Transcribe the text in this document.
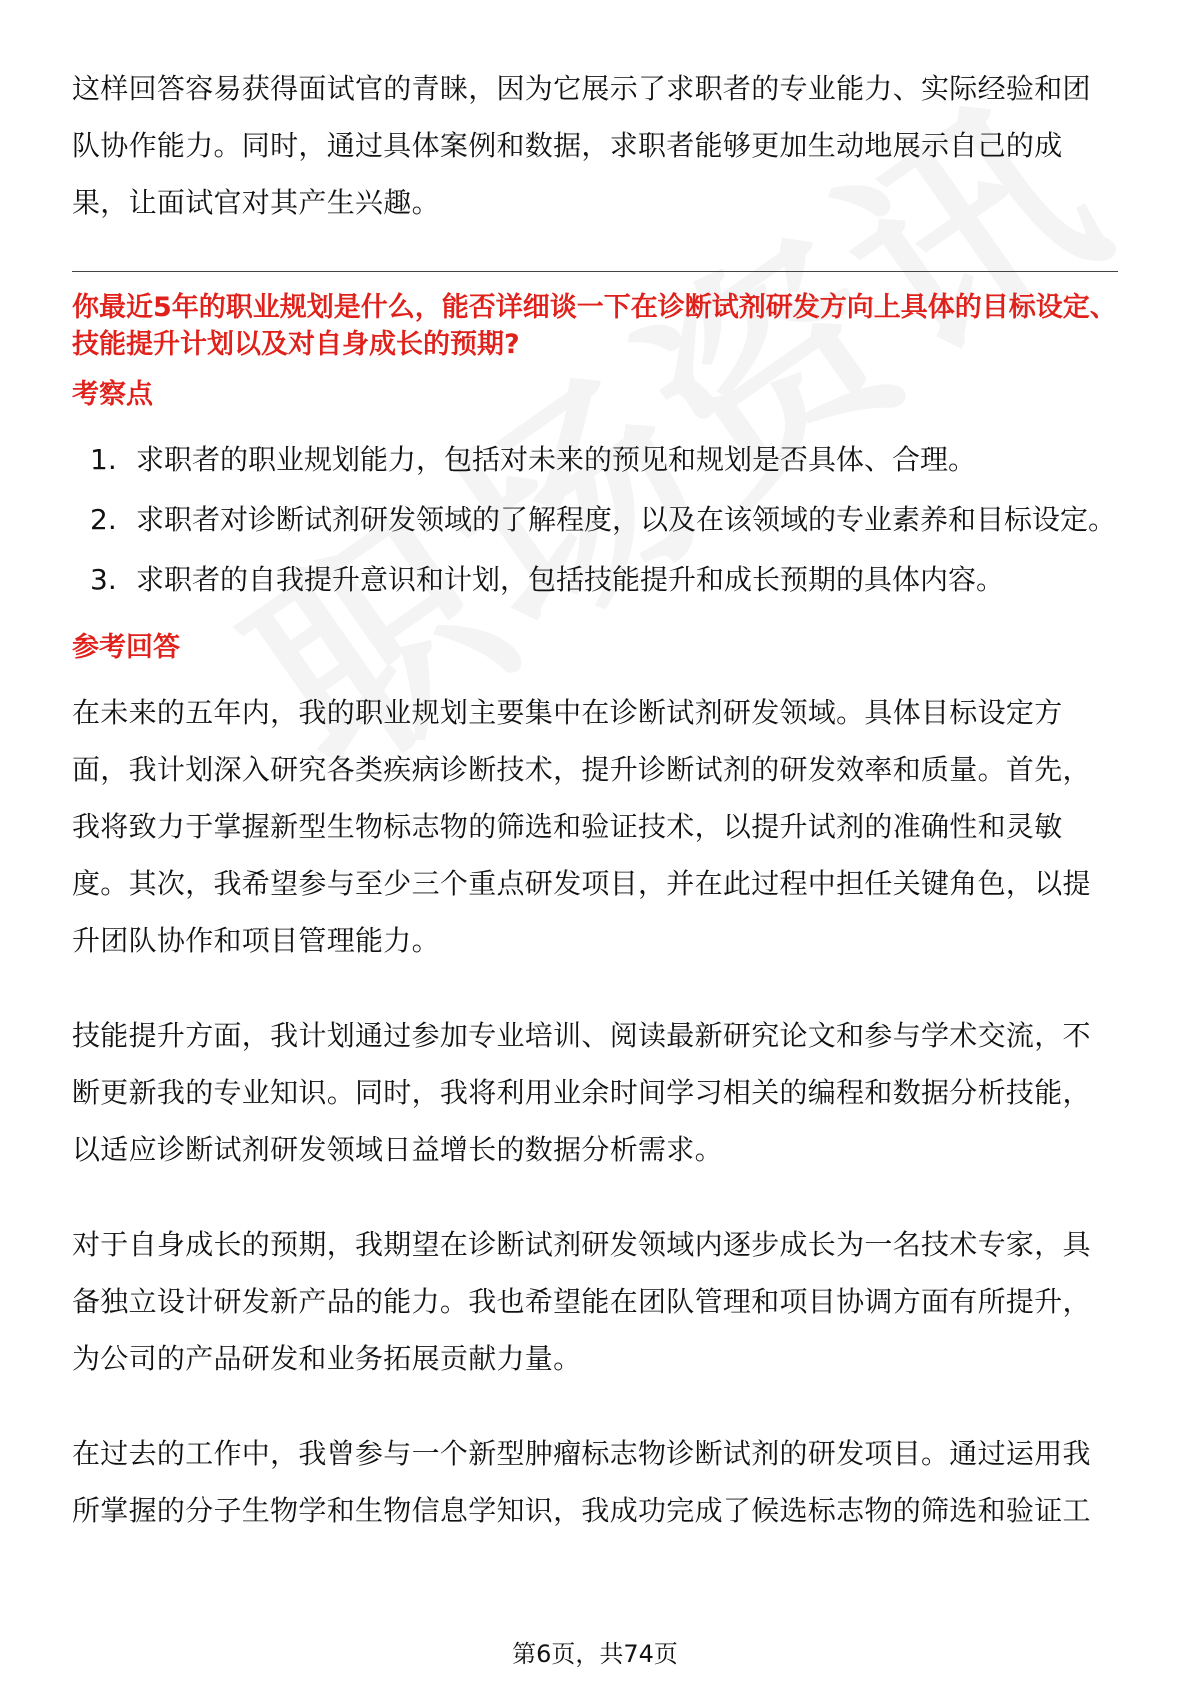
这样回答容易获得面试官的青睐，因为它展示了求职者的专业能力、实际经验和团队协作能力。同时，通过具体案例和数据，求职者能够更加生动地展示自己的成果，让面试官对其产生兴趣。

你最近5年的职业规划是什么，能否详细谈一下在诊断试剂研发方向上具体的目标设定、技能提升计划以及对自身成长的预期?
考察点
1. 求职者的职业规划能力，包括对未来的预见和规划是否具体、合理。
2. 求职者对诊断试剂研发领域的了解程度，以及在该领域的专业素养和目标设定。
3. 求职者的自我提升意识和计划，包括技能提升和成长预期的具体内容。
参考回答

在未来的五年内，我的职业规划主要集中在诊断试剂研发领域。具体目标设定方面，我计划深入研究各类疾病诊断技术，提升诊断试剂的研发效率和质量。首先，我将致力于掌握新型生物标志物的筛选和验证技术，以提升试剂的准确性和灵敏度。其次，我希望参与至少三个重点研发项目，并在此过程中担任关键角色，以提升团队协作和项目管理能力。

技能提升方面，我计划通过参加专业培训、阅读最新研究论文和参与学术交流，不断更新我的专业知识。同时，我将利用业余时间学习相关的编程和数据分析技能，以适应诊断试剂研发领域日益增长的数据分析需求。

对于自身成长的预期，我期望在诊断试剂研发领域内逐步成长为一名技术专家，具备独立设计研发新产品的能力。我也希望能在团队管理和项目协调方面有所提升，为公司的产品研发和业务拓展贡献力量。

在过去的工作中，我曾参与一个新型肿瘤标志物诊断试剂的研发项目。通过运用我所掌握的分子生物学和生物信息学知识，我成功完成了候选标志物的筛选和验证工

第6页，共74页
